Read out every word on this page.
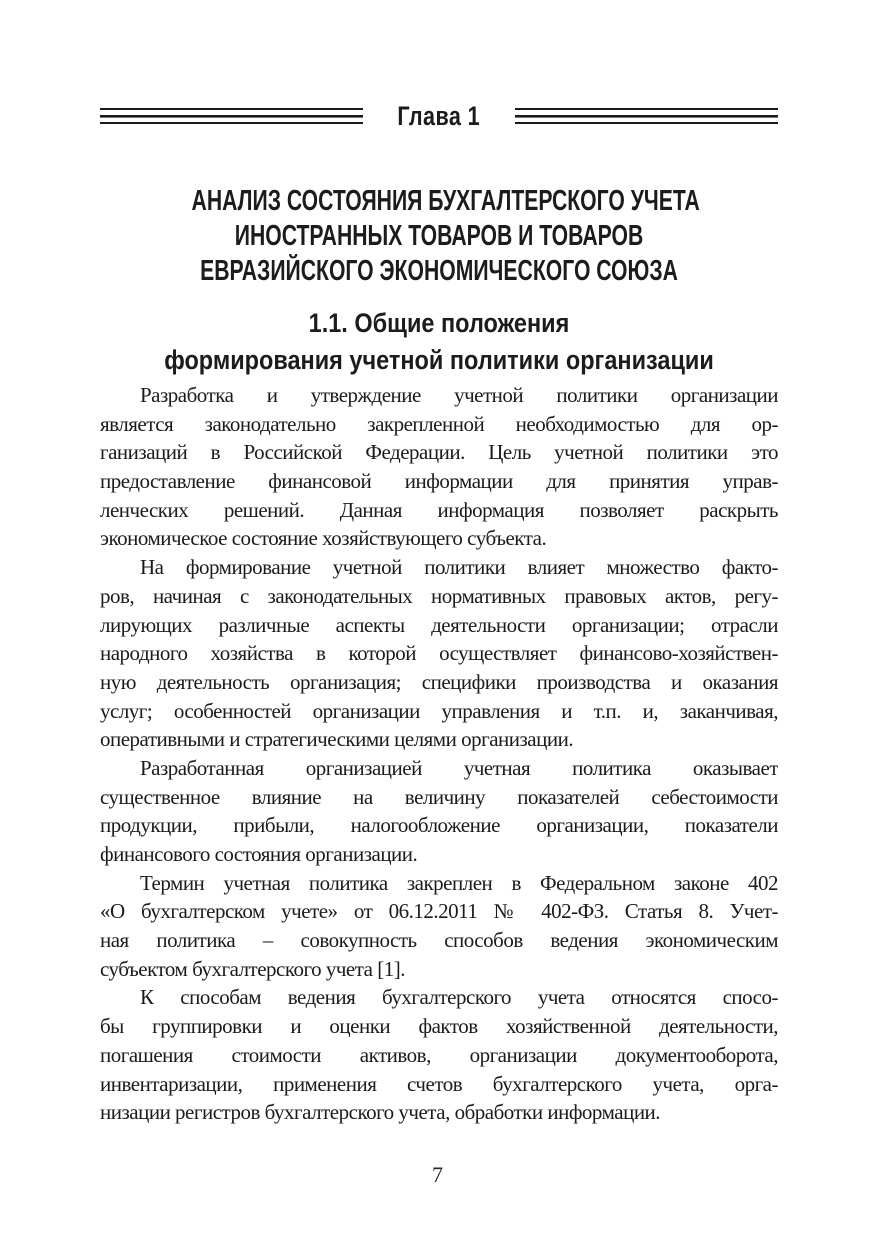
Глава 1
АНАЛИЗ СОСТОЯНИЯ БУХГАЛТЕРСКОГО УЧЕТА
ИНОСТРАННЫХ ТОВАРОВ И ТОВАРОВ
ЕВРАЗИЙСКОГО ЭКОНОМИЧЕСКОГО СОЮЗА
1.1. Общие положения
формирования учетной политики организации

Разработка и утверждение учетной политики организации
является законодательно закрепленной необходимостью для ор-
ганизаций в Российской Федерации. Цель учетной политики это
предоставление финансовой информации для принятия управ-
ленческих решений. Данная информация позволяет раскрыть
экономическое состояние хозяйствующего субъекта.

На формирование учетной политики влияет множество факто-
ров, начиная с законодательных нормативных правовых актов, регу-
лирующих различные аспекты деятельности организации; отрасли
народного хозяйства в которой осуществляет финансово-хозяйствен-
ную деятельность организация; специфики производства и оказания
услуг; особенностей организации управления и т.п. и, заканчивая,
оперативными и стратегическими целями организации.

Разработанная организацией учетная политика оказывает
существенное влияние на величину показателей себестоимости
продукции, прибыли, налогообложение организации, показатели
финансового состояния организации.

Термин учетная политика закреплен в Федеральном законе 402
«О бухгалтерском учете» от 06.12.2011 № 402-ФЗ. Статья 8. Учет-
ная политика – совокупность способов ведения экономическим
субъектом бухгалтерского учета [1].

К способам ведения бухгалтерского учета относятся спосо-
бы группировки и оценки фактов хозяйственной деятельности,
погашения стоимости активов, организации документооборота,
инвентаризации, применения счетов бухгалтерского учета, орга-
низации регистров бухгалтерского учета, обработки информации.

7
